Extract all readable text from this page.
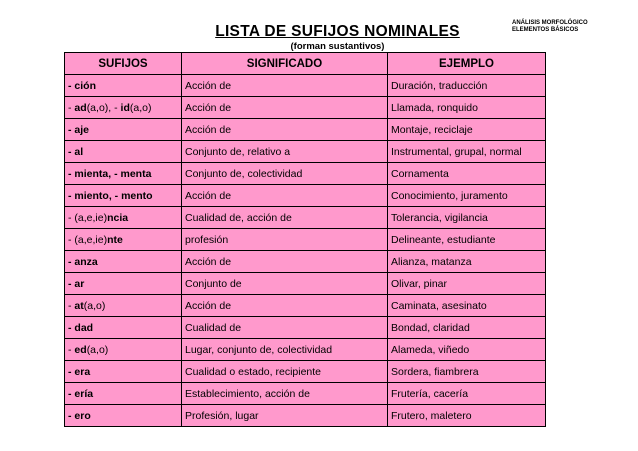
LISTA DE SUFIJOS NOMINALES
(forman sustantivos)
ANÁLISIS MORFOLÓGICO
ELEMENTOS BÁSICOS
SUFIJOS	SIGNIFICADO	EJEMPLO
- ción	Acción de	Duración, traducción
- ad(a,o), - id(a,o)	Acción de	Llamada, ronquido
- aje	Acción de	Montaje, reciclaje
- al	Conjunto de, relativo a	Instrumental, grupal, normal
- mienta, - menta	Conjunto de, colectividad	Cornamenta
- miento, - mento	Acción de	Conocimiento, juramento
- (a,e,ie)ncia	Cualidad de, acción de	Tolerancia, vigilancia
- (a,e,ie)nte	profesión	Delineante, estudiante
- anza	Acción de	Alianza, matanza
- ar	Conjunto de	Olivar, pinar
- at(a,o)	Acción de	Caminata, asesinato
- dad	Cualidad de	Bondad, claridad
- ed(a,o)	Lugar, conjunto de, colectividad	Alameda, viñedo
- era	Cualidad o estado, recipiente	Sordera, fiambrera
- ería	Establecimiento, acción de	Frutería, cacería
- ero	Profesión, lugar	Frutero, maletero
